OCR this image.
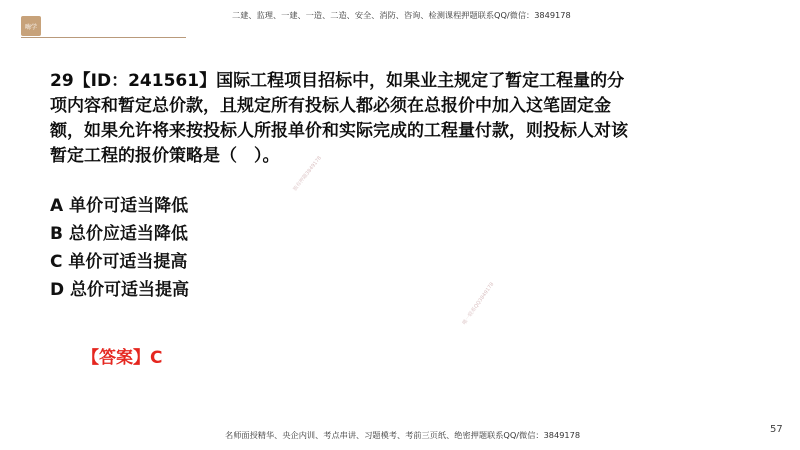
嗨学
二建、监理、一建、一造、二造、安全、消防、咨询、检测课程押题联系QQ/微信：3849178
29【ID：241561】国际工程项目招标中，如果业主规定了暂定工程量的分项内容和暂定总价款，且规定所有投标人都必须在总报价中加入这笔固定金额，如果允许将来按投标人所报单价和实际完成的工程量付款，则投标人对该暂定工程的报价策略是（　）。
A 单价可适当降低
B 总价应适当降低
C 单价可适当提高
D 总价可适当提高
【答案】C
独有押题3849178
唯一联系QQ3849178
57
名师面授精华、央企内训、考点串讲、习题模考、考前三页纸、绝密押题联系QQ/微信：3849178
